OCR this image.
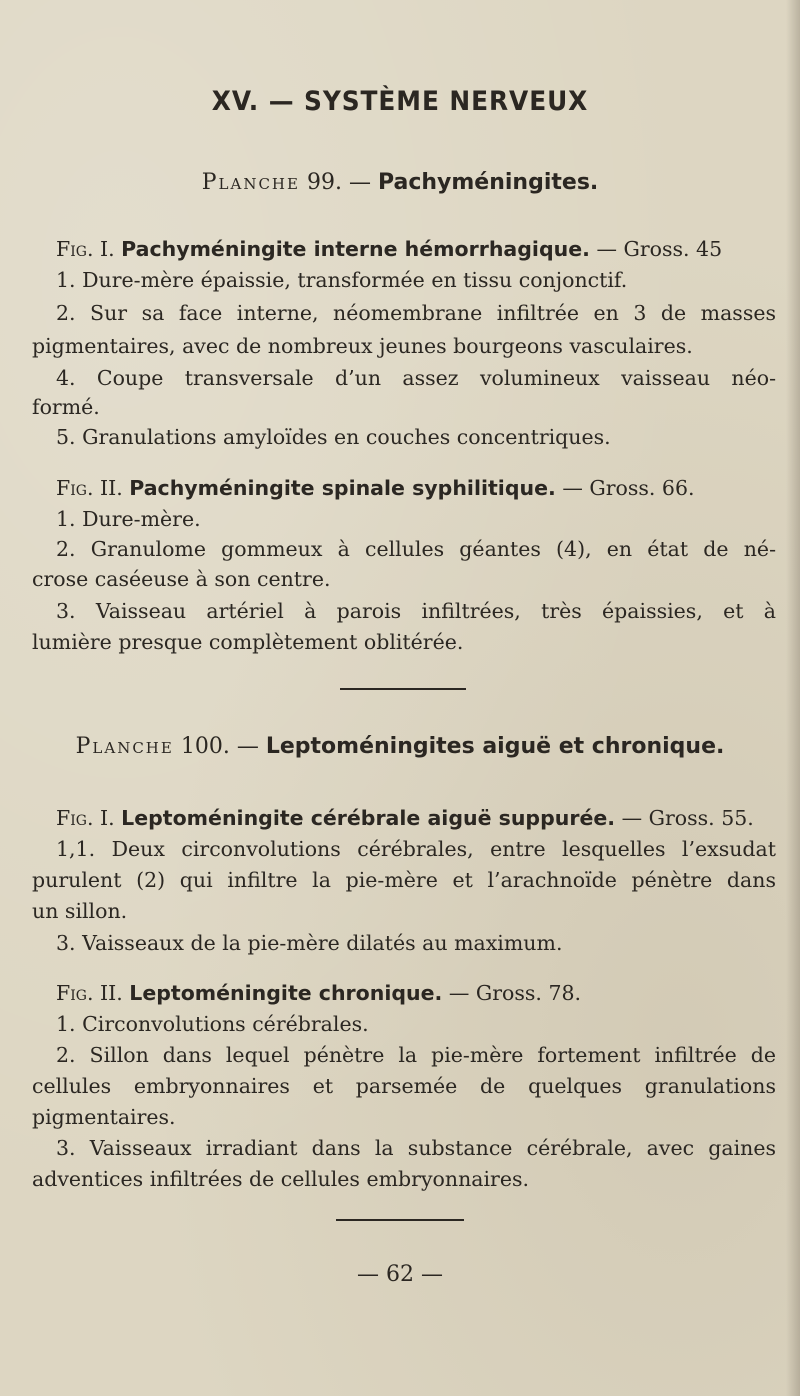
XV. — SYSTÈME NERVEUX
Planche 99. — Pachyméningites.
Fig. I. Pachyméningite interne hémorrhagique. — Gross. 45
1. Dure-mère épaissie, transformée en tissu conjonctif.
2. Sur sa face interne, néomembrane infiltrée en 3 de masses
pigmentaires, avec de nombreux jeunes bourgeons vasculaires.
4. Coupe transversale d’un assez volumineux vaisseau néo-
formé.
5. Granulations amyloïdes en couches concentriques.
Fig. II. Pachyméningite spinale syphilitique. — Gross. 66.
1. Dure-mère.
2. Granulome gommeux à cellules géantes (4), en état de né-
crose caséeuse à son centre.
3. Vaisseau artériel à parois infiltrées, très épaissies, et à
lumière presque complètement oblitérée.
Planche 100. — Leptoméningites aiguë et chronique.
Fig. I. Leptoméningite cérébrale aiguë suppurée. — Gross. 55.
1,1. Deux circonvolutions cérébrales, entre lesquelles l’exsudat
purulent (2) qui infiltre la pie-mère et l’arachnoïde pénètre dans
un sillon.
3. Vaisseaux de la pie-mère dilatés au maximum.
Fig. II. Leptoméningite chronique. — Gross. 78.
1. Circonvolutions cérébrales.
2. Sillon dans lequel pénètre la pie-mère fortement infiltrée de
cellules embryonnaires et parsemée de quelques granulations
pigmentaires.
3. Vaisseaux irradiant dans la substance cérébrale, avec gaines
adventices infiltrées de cellules embryonnaires.
— 62 —
